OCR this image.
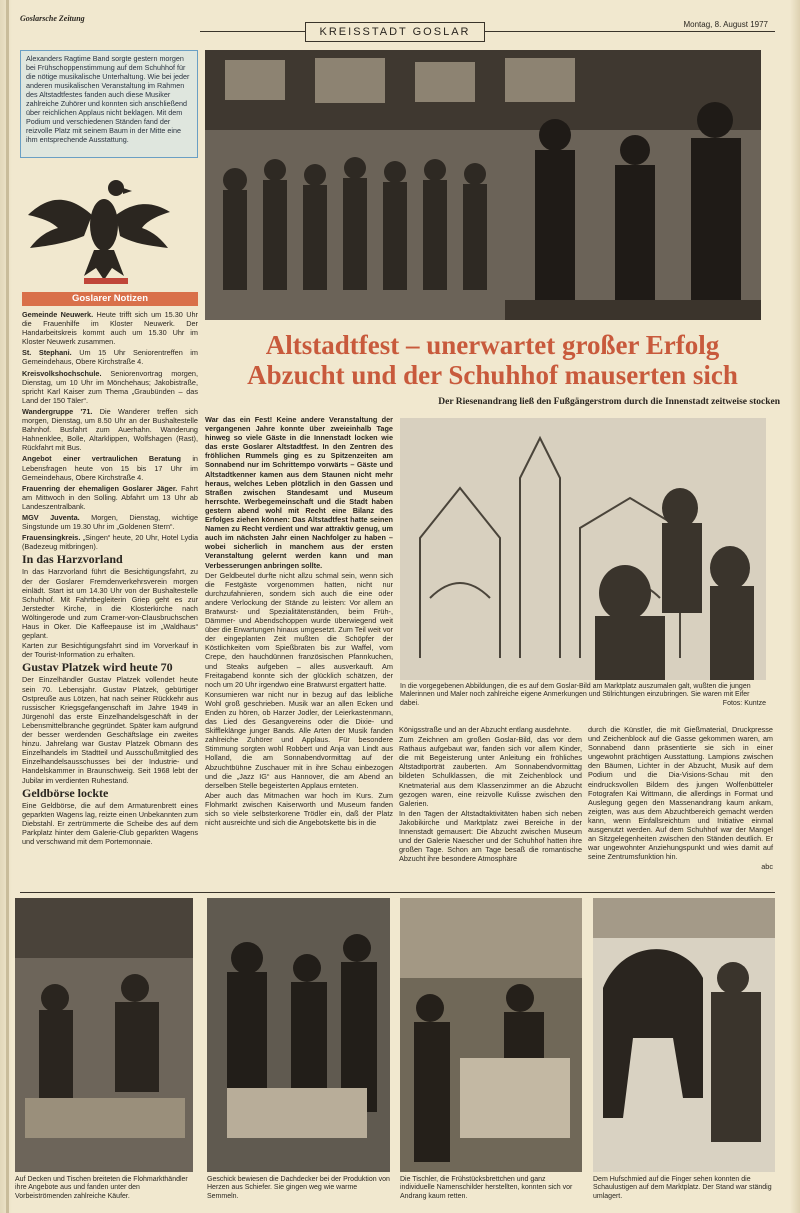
Goslarsche Zeitung
KREISSTADT GOSLAR
Montag, 8. August 1977
Alexanders Ragtime Band sorgte gestern morgen bei Frühschoppenstimmung auf dem Schuhhof für die nötige musikalische Unterhaltung. Wie bei jeder anderen musikalischen Veranstaltung im Rahmen des Altstadtfestes fanden auch diese Musiker zahlreiche Zuhörer und konnten sich anschließend über reichlichen Applaus nicht beklagen. Mit dem Podium und verschiedenen Ständen fand der reizvolle Platz mit seinem Baum in der Mitte eine ihm entsprechende Ausstattung.
Goslarer Notizen
Gemeinde Neuwerk. Heute trifft sich um 15.30 Uhr die Frauenhilfe im Kloster Neuwerk. Der Handarbeitskreis kommt auch um 15.30 Uhr im Kloster Neuwerk zusammen.
St. Stephani. Um 15 Uhr Seniorentreffen im Gemeindehaus, Obere Kirchstraße 4.
Kreisvolkshochschule. Seniorenvortrag morgen, Dienstag, um 10 Uhr im Mönchehaus; Jakobistraße, spricht Karl Kaiser zum Thema „Graubünden – das Land der 150 Täler“.
Wandergruppe '71. Die Wanderer treffen sich morgen, Dienstag, um 8.50 Uhr an der Bushaltestelle Bahnhof. Busfahrt zum Auerhahn. Wanderung Hahnenklee, Bolle, Altarklippen, Wolfshagen (Rast), Rückfahrt mit Bus.
Angebot einer vertraulichen Beratung in Lebensfragen heute von 15 bis 17 Uhr im Gemeindehaus, Obere Kirchstraße 4.
Frauenring der ehemaligen Goslarer Jäger. Fahrt am Mittwoch in den Solling. Abfahrt um 13 Uhr ab Landeszentralbank.
MGV Juventa. Morgen, Dienstag, wichtige Singstunde um 19.30 Uhr im „Goldenen Stern“.
Frauensingkreis. „Singen“ heute, 20 Uhr, Hotel Lydia (Badezeug mitbringen).
In das Harzvorland

In das Harzvorland führt die Besichtigungsfahrt, zu der der Goslarer Fremdenverkehrsverein morgen einlädt. Start ist um 14.30 Uhr von der Bushaltestelle Schuhhof. Mit Fahrtbegleiterin Griep geht es zur Jerstedter Kirche, in die Klosterkirche nach Wöltingerode und zum Cramer-von-Clausbruchschen Haus in Oker. Die Kaffeepause ist im „Waldhaus“ geplant.

Karten zur Besichtigungsfahrt sind im Vorverkauf in der Tourist-Information zu erhalten.

Gustav Platzek wird heute 70

Der Einzelhändler Gustav Platzek vollendet heute sein 70. Lebensjahr. Gustav Platzek, gebürtiger Ostpreuße aus Lötzen, hat nach seiner Rückkehr aus russischer Kriegsgefangenschaft im Jahre 1949 in Jürgenohl das erste Einzelhandelsgeschäft in der Lebensmittelbranche gegründet. Später kam aufgrund der besser werdenden Geschäftslage ein zweites hinzu. Jahrelang war Gustav Platzek Obmann des Einzelhandels im Stadtteil und Ausschußmitglied des Einzelhandelsausschusses bei der Industrie- und Handelskammer in Braunschweig. Seit 1968 lebt der Jubilar im verdienten Ruhestand.

Geldbörse lockte

Eine Geldbörse, die auf dem Armaturenbrett eines geparkten Wagens lag, reizte einen Unbekannten zum Diebstahl. Er zertrümmerte die Scheibe des auf dem Parkplatz hinter dem Galerie-Club geparkten Wagens und verschwand mit dem Portemonnaie.

Altstadtfest – unerwartet großer Erfolg
Abzucht und der Schuhhof mauserten sich
Der Riesenandrang ließ den Fußgängerstrom durch die Innenstadt zeitweise stocken

War das ein Fest! Keine andere Veranstaltung der vergangenen Jahre konnte über zweieinhalb Tage hinweg so viele Gäste in die Innenstadt locken wie das erste Goslarer Altstadtfest. In den Zentren des fröhlichen Rummels ging es zu Spitzenzeiten am Sonnabend nur im Schrittempo vorwärts – Gäste und Altstadtkenner kamen aus dem Staunen nicht mehr heraus, welches Leben plötzlich in den Gassen und Straßen zwischen Standesamt und Museum herrschte. Werbegemeinschaft und die Stadt haben gestern abend wohl mit Recht eine Bilanz des Erfolges ziehen können: Das Altstadtfest hatte seinen Namen zu Recht verdient und war attraktiv genug, um auch im nächsten Jahr einen Nachfolger zu haben – wobei sicherlich in manchem aus der ersten Veranstaltung gelernt werden kann und man Verbesserungen anbringen sollte.

Der Geldbeutel durfte nicht allzu schmal sein, wenn sich die Festgäste vorgenommen hatten, nicht nur durchzufahnieren, sondern sich auch die eine oder andere Verlockung der Stände zu leisten: Vor allem an Bratwurst- und Spezialitätenständen, beim Früh-, Dämmer- und Abendschoppen wurde überwiegend weit über die Erwartungen hinaus umgesetzt. Zum Teil weit vor der eingeplanten Zeit mußten die Schöpfer der Köstlichkeiten vom Spießbraten bis zur Waffel, vom Crepe, den hauchdünnen französischen Pfannkuchen, und Steaks aufgeben – alles ausverkauft. Am Freitagabend konnte sich der glücklich schätzen, der noch um 20 Uhr irgendwo eine Bratwurst ergattert hatte.

Konsumieren war nicht nur in bezug auf das leibliche Wohl groß geschrieben. Musik war an allen Ecken und Enden zu hören, ob Harzer Jodler, der Leierkastenmann, das Lied des Gesangvereins oder die Dixie- und Skiffleklänge junger Bands. Alle Arten der Musik fanden zahlreiche Zuhörer und Applaus. Für besondere Stimmung sorgten wohl Robbert und Anja van Lindt aus Holland, die am Sonnabendvormittag auf der Abzuchtbühne Zuschauer mit in ihre Schau einbezogen und die „Jazz IG“ aus Hannover, die am Abend an derselben Stelle begeisterten Applaus ernteten.

Aber auch das Mitmachen war hoch im Kurs. Zum Flohmarkt zwischen Kaiserworth und Museum fanden sich so viele selbsterkorene Trödler ein, daß der Platz nicht ausreichte und sich die Angebotskette bis in die

In die vorgegebenen Abbildungen, die es auf dem Goslar-Bild am Marktplatz auszumalen galt, wußten die jungen Malerinnen und Maler noch zahlreiche eigene Anmerkungen und Stilrichtungen einzubringen. Sie waren mit Eifer dabei.	Fotos: Kuntze

Königsstraße und an der Abzucht entlang ausdehnte.

Zum Zeichnen am großen Goslar-Bild, das vor dem Rathaus aufgebaut war, fanden sich vor allem Kinder, die mit Begeisterung unter Anleitung ein fröhliches Altstadtporträt zauberten. Am Sonnabendvormittag bildeten Schulklassen, die mit Zeichenblock und Knetmaterial aus dem Klassenzimmer an die Abzucht gezogen waren, eine reizvolle Kulisse zwischen den Galerien.

In den Tagen der Altstadtaktivitäten haben sich neben Jakobikirche und Marktplatz zwei Bereiche in der Innenstadt gemausert: Die Abzucht zwischen Museum und der Galerie Naescher und der Schuhhof hatten ihre großen Tage. Schon am Tage besaß die romantische Abzucht ihre besondere Atmosphäre

durch die Künstler, die mit Gießmaterial, Druckpresse und Zeichenblock auf die Gasse gekommen waren, am Sonnabend dann präsentierte sie sich in einer ungewohnt prächtigen Ausstattung. Lampions zwischen den Bäumen, Lichter in der Abzucht, Musik auf dem Podium und die Dia-Visions-Schau mit den eindrucksvollen Bildern des jungen Wolfenbütteler Fotografen Kai Wittmann, die allerdings in Format und Auslegung gegen den Massenandrang kaum ankam, zeigten, was aus dem Abzuchtbereich gemacht werden kann, wenn Einfallsreichtum und Initiative einmal ausgenutzt werden. Auf dem Schuhhof war der Mangel an Sitzgelegenheiten zwischen den Ständen deutlich. Er war ungewohnter Anziehungspunkt und wies damit auf seine Zentrumsfunktion hin.

abc

Auf Decken und Tischen breiteten die Flohmarkthändler ihre Angebote aus und fanden unter den Vorbeiströmenden zahlreiche Käufer.
Geschick bewiesen die Dachdecker bei der Produktion von Herzen aus Schiefer. Sie gingen weg wie warme Semmeln.
Die Tischler, die Frühstücksbrettchen und ganz individuelle Namenschilder herstellten, konnten sich vor Andrang kaum retten.
Dem Hufschmied auf die Finger sehen konnten die Schaulustigen auf dem Marktplatz. Der Stand war ständig umlagert.
